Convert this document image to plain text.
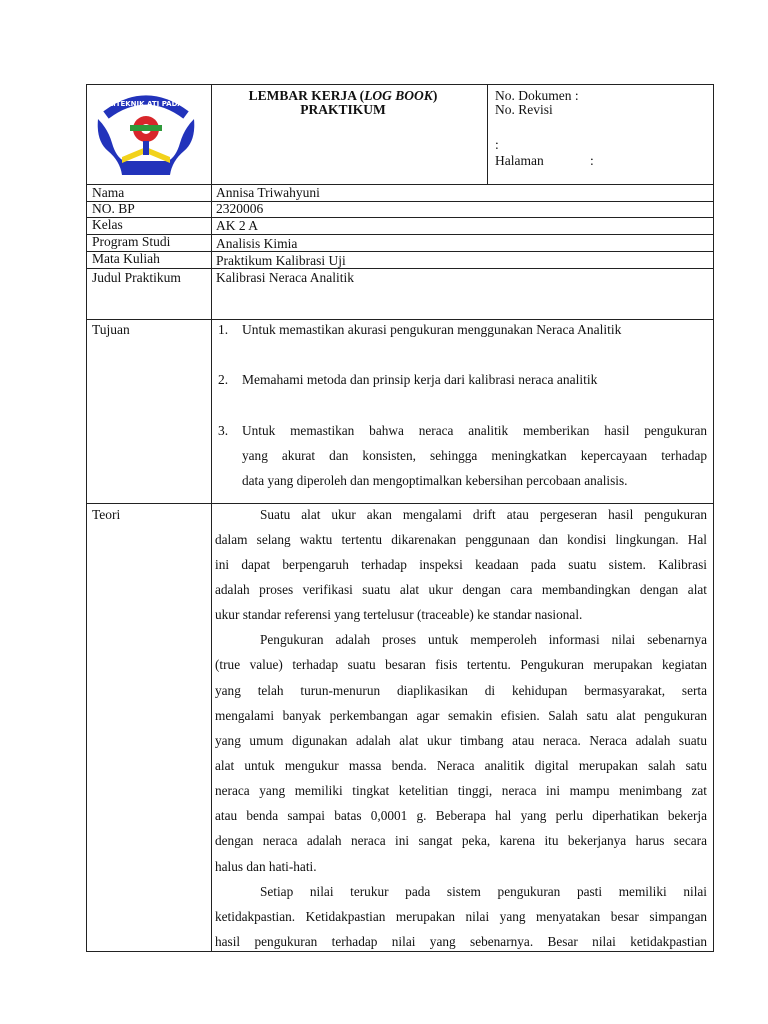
POLITEKNIK ATI PADANG
LEMBAR KERJA (LOG BOOK)
PRAKTIKUM
No. Dokumen :
No. Revisi
:
Halaman	:
Nama	Annisa Triwahyuni
NO. BP	2320006
Kelas	AK 2 A
Program Studi	Analisis Kimia
Mata Kuliah	Praktikum Kalibrasi Uji
Judul Praktikum	Kalibrasi Neraca Analitik
Tujuan	1. Untuk memastikan akurasi pengukuran menggunakan Neraca Analitik
2. Memahami metoda dan prinsip kerja dari kalibrasi neraca analitik
3. Untuk memastikan bahwa neraca analitik memberikan hasil pengukuran
yang akurat dan konsisten, sehingga meningkatkan kepercayaan terhadap
data yang diperoleh dan mengoptimalkan kebersihan percobaan analisis.
Teori	Suatu alat ukur akan mengalami drift atau pergeseran hasil pengukuran
dalam selang waktu tertentu dikarenakan penggunaan dan kondisi lingkungan. Hal
ini dapat berpengaruh terhadap inspeksi keadaan pada suatu sistem. Kalibrasi
adalah proses verifikasi suatu alat ukur dengan cara membandingkan dengan alat
ukur standar referensi yang tertelusur (traceable) ke standar nasional.
Pengukuran adalah proses untuk memperoleh informasi nilai sebenarnya
(true value) terhadap suatu besaran fisis tertentu. Pengukuran merupakan kegiatan
yang telah turun-menurun diaplikasikan di kehidupan bermasyarakat, serta
mengalami banyak perkembangan agar semakin efisien. Salah satu alat pengukuran
yang umum digunakan adalah alat ukur timbang atau neraca. Neraca adalah suatu
alat untuk mengukur massa benda. Neraca analitik digital merupakan salah satu
neraca yang memiliki tingkat ketelitian tinggi, neraca ini mampu menimbang zat
atau benda sampai batas 0,0001 g. Beberapa hal yang perlu diperhatikan bekerja
dengan neraca adalah neraca ini sangat peka, karena itu bekerjanya harus secara
halus dan hati-hati.
Setiap nilai terukur pada sistem pengukuran pasti memiliki nilai
ketidakpastian. Ketidakpastian merupakan nilai yang menyatakan besar simpangan
hasil pengukuran terhadap nilai yang sebenarnya. Besar nilai ketidakpastian
